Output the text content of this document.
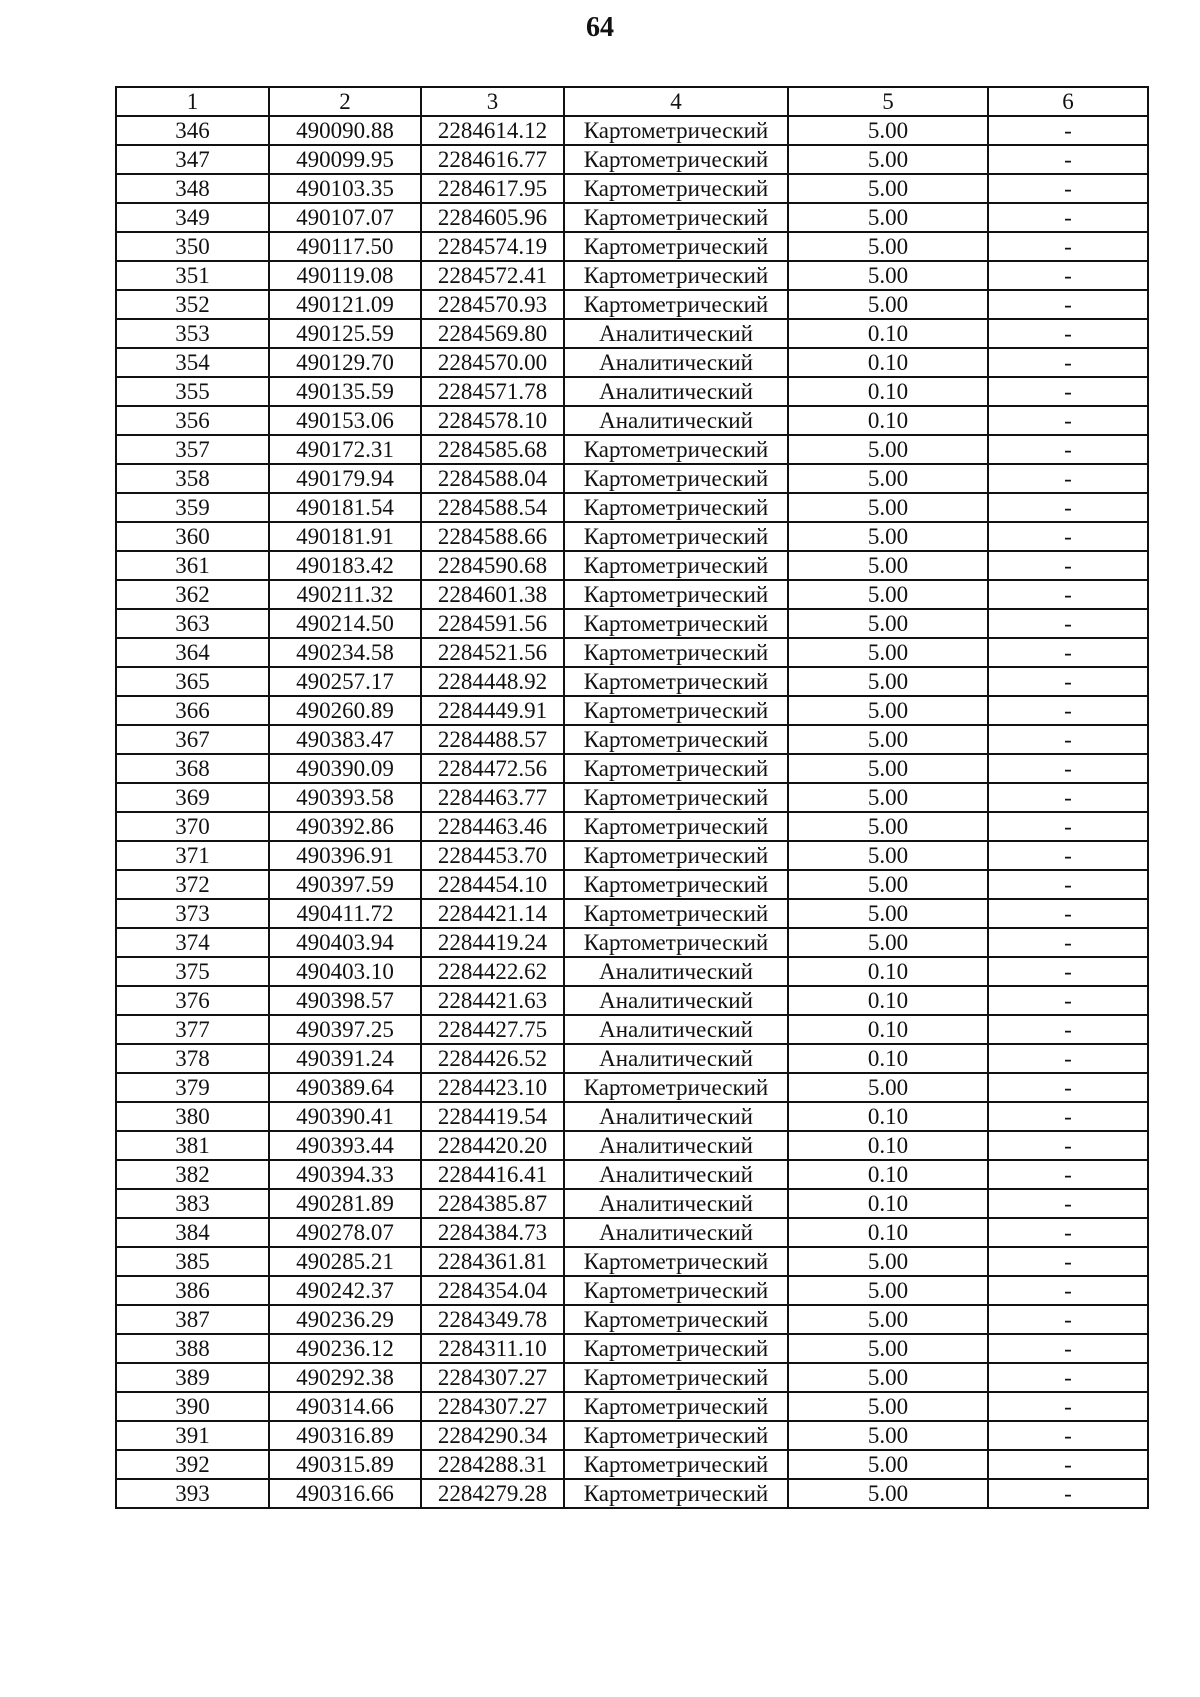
64
1	2	3	4	5	6
346	490090.88	2284614.12	Картометрический	5.00	-
347	490099.95	2284616.77	Картометрический	5.00	-
348	490103.35	2284617.95	Картометрический	5.00	-
349	490107.07	2284605.96	Картометрический	5.00	-
350	490117.50	2284574.19	Картометрический	5.00	-
351	490119.08	2284572.41	Картометрический	5.00	-
352	490121.09	2284570.93	Картометрический	5.00	-
353	490125.59	2284569.80	Аналитический	0.10	-
354	490129.70	2284570.00	Аналитический	0.10	-
355	490135.59	2284571.78	Аналитический	0.10	-
356	490153.06	2284578.10	Аналитический	0.10	-
357	490172.31	2284585.68	Картометрический	5.00	-
358	490179.94	2284588.04	Картометрический	5.00	-
359	490181.54	2284588.54	Картометрический	5.00	-
360	490181.91	2284588.66	Картометрический	5.00	-
361	490183.42	2284590.68	Картометрический	5.00	-
362	490211.32	2284601.38	Картометрический	5.00	-
363	490214.50	2284591.56	Картометрический	5.00	-
364	490234.58	2284521.56	Картометрический	5.00	-
365	490257.17	2284448.92	Картометрический	5.00	-
366	490260.89	2284449.91	Картометрический	5.00	-
367	490383.47	2284488.57	Картометрический	5.00	-
368	490390.09	2284472.56	Картометрический	5.00	-
369	490393.58	2284463.77	Картометрический	5.00	-
370	490392.86	2284463.46	Картометрический	5.00	-
371	490396.91	2284453.70	Картометрический	5.00	-
372	490397.59	2284454.10	Картометрический	5.00	-
373	490411.72	2284421.14	Картометрический	5.00	-
374	490403.94	2284419.24	Картометрический	5.00	-
375	490403.10	2284422.62	Аналитический	0.10	-
376	490398.57	2284421.63	Аналитический	0.10	-
377	490397.25	2284427.75	Аналитический	0.10	-
378	490391.24	2284426.52	Аналитический	0.10	-
379	490389.64	2284423.10	Картометрический	5.00	-
380	490390.41	2284419.54	Аналитический	0.10	-
381	490393.44	2284420.20	Аналитический	0.10	-
382	490394.33	2284416.41	Аналитический	0.10	-
383	490281.89	2284385.87	Аналитический	0.10	-
384	490278.07	2284384.73	Аналитический	0.10	-
385	490285.21	2284361.81	Картометрический	5.00	-
386	490242.37	2284354.04	Картометрический	5.00	-
387	490236.29	2284349.78	Картометрический	5.00	-
388	490236.12	2284311.10	Картометрический	5.00	-
389	490292.38	2284307.27	Картометрический	5.00	-
390	490314.66	2284307.27	Картометрический	5.00	-
391	490316.89	2284290.34	Картометрический	5.00	-
392	490315.89	2284288.31	Картометрический	5.00	-
393	490316.66	2284279.28	Картометрический	5.00	-
